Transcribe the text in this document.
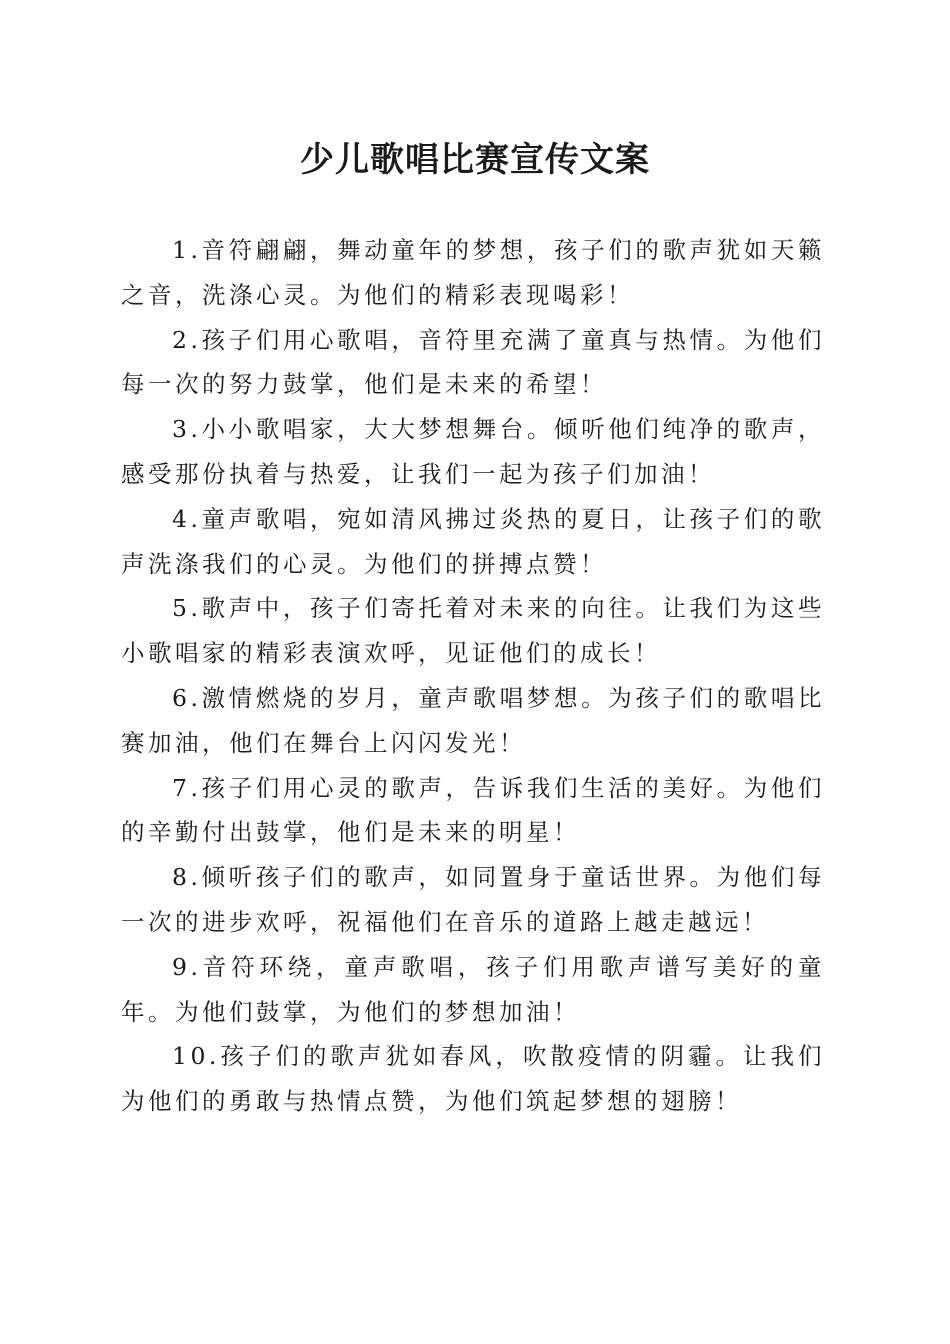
少儿歌唱比赛宣传文案

1.音符翩翩，舞动童年的梦想，孩子们的歌声犹如天籁之音，洗涤心灵。为他们的精彩表现喝彩！

2.孩子们用心歌唱，音符里充满了童真与热情。为他们每一次的努力鼓掌，他们是未来的希望！

3.小小歌唱家，大大梦想舞台。倾听他们纯净的歌声，感受那份执着与热爱，让我们一起为孩子们加油！

4.童声歌唱，宛如清风拂过炎热的夏日，让孩子们的歌声洗涤我们的心灵。为他们的拼搏点赞！

5.歌声中，孩子们寄托着对未来的向往。让我们为这些小歌唱家的精彩表演欢呼，见证他们的成长！

6.激情燃烧的岁月，童声歌唱梦想。为孩子们的歌唱比赛加油，他们在舞台上闪闪发光！

7.孩子们用心灵的歌声，告诉我们生活的美好。为他们的辛勤付出鼓掌，他们是未来的明星！

8.倾听孩子们的歌声，如同置身于童话世界。为他们每一次的进步欢呼，祝福他们在音乐的道路上越走越远！

9.音符环绕，童声歌唱，孩子们用歌声谱写美好的童年。为他们鼓掌，为他们的梦想加油！

10.孩子们的歌声犹如春风，吹散疫情的阴霾。让我们为他们的勇敢与热情点赞，为他们筑起梦想的翅膀！
